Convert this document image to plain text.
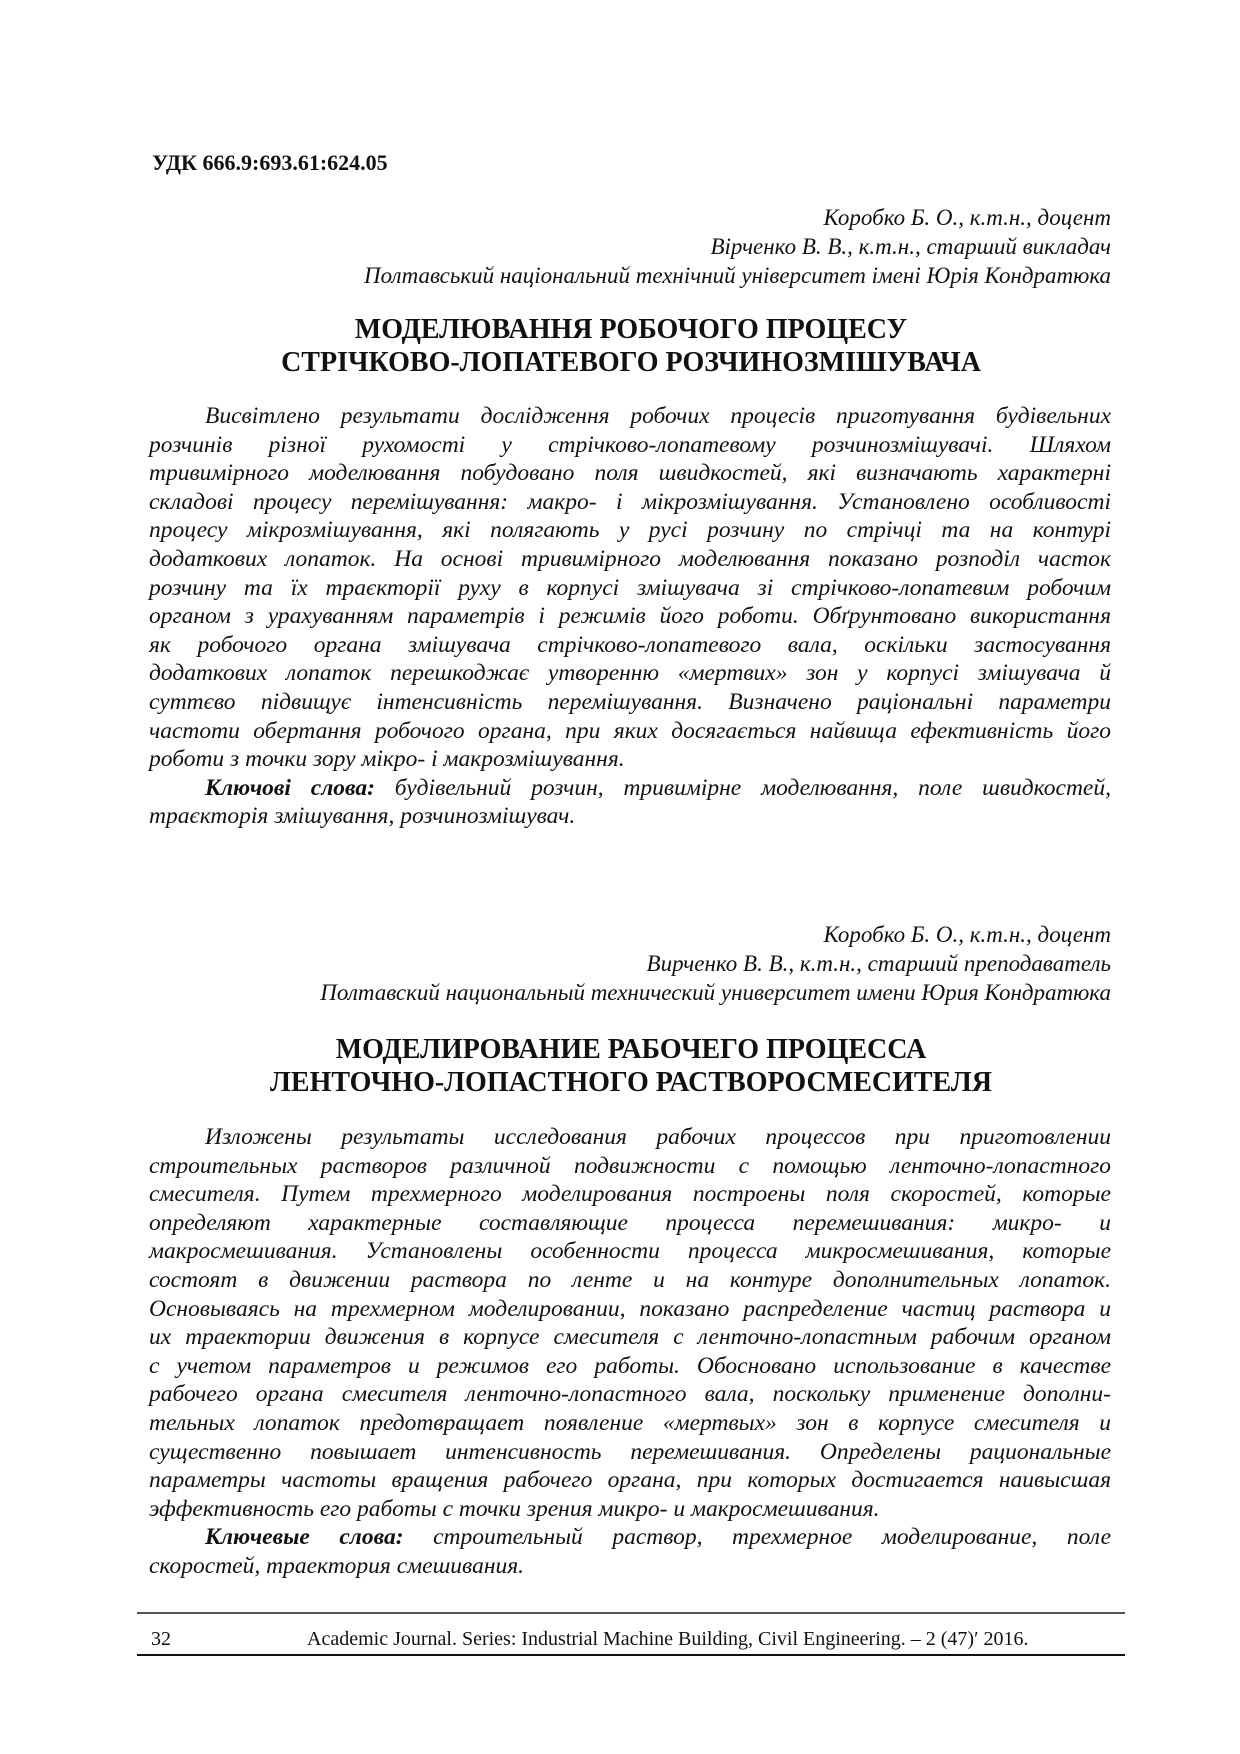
УДК 666.9:693.61:624.05
Коробко Б. О., к.т.н., доцент
Вірченко В. В., к.т.н., старший викладач
Полтавський національний технічний університет імені Юрія Кондратюка
МОДЕЛЮВАННЯ РОБОЧОГО ПРОЦЕСУ
СТРІЧКОВО-ЛОПАТЕВОГО РОЗЧИНОЗМІШУВАЧА
Висвітлено результати дослідження робочих процесів приготування будівельних
розчинів різної рухомості у стрічково-лопатевому розчинозмішувачі. Шляхом
тривимірного моделювання побудовано поля швидкостей, які визначають характерні
складові процесу перемішування: макро- і мікрозмішування. Установлено особливості
процесу мікрозмішування, які полягають у русі розчину по стрічці та на контурі
додаткових лопаток. На основі тривимірного моделювання показано розподіл часток
розчину та їх траєкторії руху в корпусі змішувача зі стрічково-лопатевим робочим
органом з урахуванням параметрів і режимів його роботи. Обґрунтовано використання
як робочого органа змішувача стрічково-лопатевого вала, оскільки застосування
додаткових лопаток перешкоджає утворенню «мертвих» зон у корпусі змішувача й
суттєво підвищує інтенсивність перемішування. Визначено раціональні параметри
частоти обертання робочого органа, при яких досягається найвища ефективність його
роботи з точки зору мікро- і макрозмішування.
Ключові слова: будівельний розчин, тривимірне моделювання, поле швидкостей,
траєкторія змішування, розчинозмішувач.
Коробко Б. О., к.т.н., доцент
Вирченко В. В., к.т.н., старший преподаватель
Полтавский национальный технический университет имени Юрия Кондратюка
МОДЕЛИРОВАНИЕ РАБОЧЕГО ПРОЦЕССА
ЛЕНТОЧНО-ЛОПАСТНОГО РАСТВОРОСМЕСИТЕЛЯ
Изложены результаты исследования рабочих процессов при приготовлении
строительных растворов различной подвижности с помощью ленточно-лопастного
смесителя. Путем трехмерного моделирования построены поля скоростей, которые
определяют характерные составляющие процесса перемешивания: микро- и
макросмешивания. Установлены особенности процесса микросмешивания, которые
состоят в движении раствора по ленте и на контуре дополнительных лопаток.
Основываясь на трехмерном моделировании, показано распределение частиц раствора и
их траектории движения в корпусе смесителя с ленточно-лопастным рабочим органом
с учетом параметров и режимов его работы. Обосновано использование в качестве
рабочего органа смесителя ленточно-лопастного вала, поскольку применение дополни-
тельных лопаток предотвращает появление «мертвых» зон в корпусе смесителя и
существенно повышает интенсивность перемешивания. Определены рациональные
параметры частоты вращения рабочего органа, при которых достигается наивысшая
эффективность его работы с точки зрения микро- и макросмешивания.
Ключевые слова: строительный раствор, трехмерное моделирование, поле
скоростей, траектория смешивания.
32	Academic Journal. Series: Industrial Machine Building, Civil Engineering. – 2 (47)′ 2016.
